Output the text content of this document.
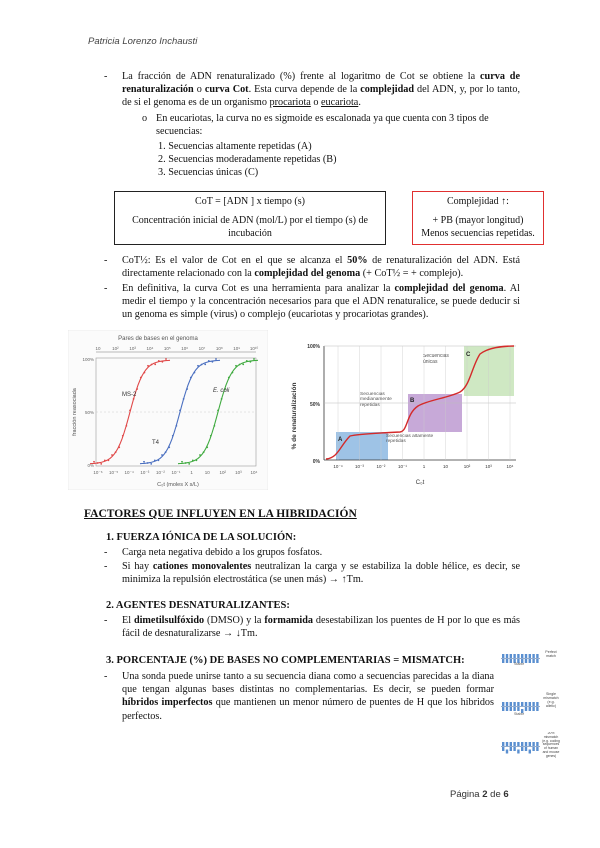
Patricia Lorenzo Inchausti
- La fracción de ADN renaturalizado (%) frente al logaritmo de Cot se obtiene la curva de renaturalización o curva Cot. Esta curva depende de la complejidad del ADN, y, por lo tanto, de si el genoma es de un organismo procariota o eucariota.
o En eucariotas, la curva no es sigmoide es escalonada ya que cuenta con 3 tipos de secuencias:
1. Secuencias altamente repetidas (A)
2. Secuencias moderadamente repetidas (B)
3. Secuencias únicas (C)
CoT = [ADN ] x tiempo (s)
Concentración inicial de ADN (mol/L) por el tiempo (s) de incubación
Complejidad ↑:
+ PB (mayor longitud)
Menos secuencias repetidas.
- CoT½: Es el valor de Cot en el que se alcanza el 50% de renaturalización del ADN. Está directamente relacionado con la complejidad del genoma (+ CoT½ = + complejo).
- En definitiva, la curva Cot es una herramienta para analizar la complejidad del genoma. Al medir el tiempo y la concentración necesarios para que el ADN renaturalice, se puede deducir si un genoma es simple (virus) o complejo (eucariotas y procariotas grandes).
Pares de bases en el genoma
10	10² 10³ 10⁴ 10⁵ 10⁶ 10⁷ 10⁸ 10⁹ 10¹⁰
100%
50%
0%
fracción reasociada
10⁻⁶ 10⁻⁵ 10⁻⁴ 10⁻³ 10⁻² 10⁻¹ 1	10 10² 10³ 10⁴
C₀t (moles X s/L)
MS-2
T4
E. coli	% de renaturalización
100%
50%
0%
10⁻⁴	10⁻³	10⁻²	10⁻¹	1	10	10²	10³	10⁴
C₀t
A
B
C
Secuencias altamente repetidas
Secuencias medianamente repetidas
Secuencias únicas
FACTORES QUE INFLUYEN EN LA HIBRIDACIÓN
1. FUERZA IÓNICA DE LA SOLUCIÓN:
- Carga neta negativa debido a los grupos fosfatos.
- Si hay cationes monovalentes neutralizan la carga y se estabiliza la doble hélice, es decir, se minimiza la repulsión electrostática (se unen más) → ↑Tm.
2. AGENTES DESNATURALIZANTES:
- El dimetilsulfóxido (DMSO) y la formamida desestabilizan los puentes de H por lo que es más fácil de desnaturalizarse → ↓Tm.
3. PORCENTAJE (%) DE BASES NO COMPLEMENTARIAS = MISMATCH:
- Una sonda puede unirse tanto a su secuencia diana como a secuencias parecidas a la diana que tengan algunas bases distintas no complementarias. Es decir, se pueden formar híbridos imperfectos que mantienen un menor número de puentes de H que los híbridos perfectos.
Stable
Stable
Perfect match
Single mismatch (e.g. allelic)
20% mismatch (e.g. coding sequences of human and mouse genes)
Página 2 de 6
